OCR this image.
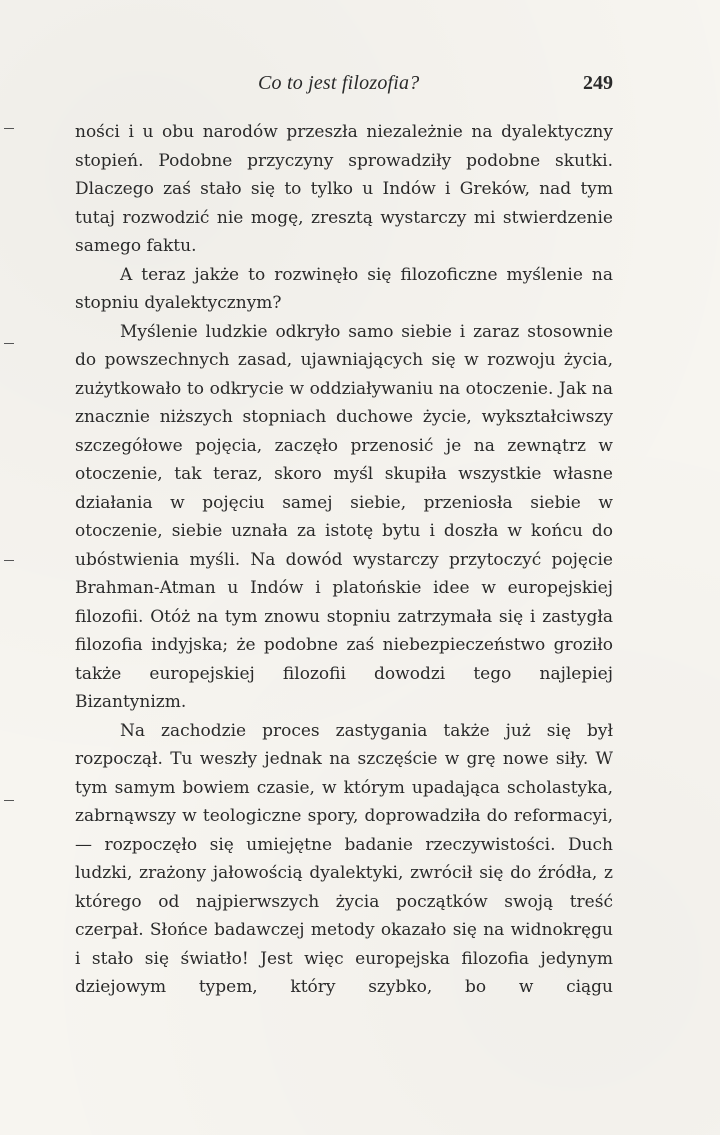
Co to jest filozofia?	249

ności i u obu narodów przeszła niezależnie na dyalektyczny stopień. Podobne przyczyny sprowadziły podobne skutki. Dlaczego zaś stało się to tylko u Indów i Greków, nad tym tutaj rozwodzić nie mogę, zresztą wystarczy mi stwierdzenie samego faktu.

A teraz jakże to rozwinęło się filozoficzne myślenie na stopniu dyalektycznym?

Myślenie ludzkie odkryło samo siebie i zaraz stosownie do powszechnych zasad, ujawniających się w rozwoju życia, zużytkowało to odkrycie w oddziaływaniu na otoczenie. Jak na znacznie niższych stopniach duchowe życie, wykształciwszy szczegółowe pojęcia, zaczęło przenosić je na zewnątrz w otoczenie, tak teraz, skoro myśl skupiła wszystkie własne działania w pojęciu samej siebie, przeniosła siebie w otoczenie, siebie uznała za istotę bytu i doszła w końcu do ubóstwienia myśli. Na dowód wystarczy przytoczyć pojęcie Brahman-Atman u Indów i platońskie idee w europejskiej filozofii. Otóż na tym znowu stopniu zatrzymała się i zastygła filozofia indyjska; że podobne zaś niebezpieczeństwo groziło także europejskiej filozofii dowodzi tego najlepiej Bizantynizm.

Na zachodzie proces zastygania także już się był rozpoczął. Tu weszły jednak na szczęście w grę nowe siły. W tym samym bowiem czasie, w którym upadająca scholastyka, zabrnąwszy w teologiczne spory, doprowadziła do reformacyi, — rozpoczęło się umiejętne badanie rzeczywistości. Duch ludzki, zrażony jałowością dyalektyki, zwrócił się do źródła, z którego od najpierwszych życia początków swoją treść czerpał. Słońce badawczej metody okazało się na widnokręgu i stało się światło! Jest więc europejska filozofia jedynym dziejowym typem, który szybko, bo w ciągu
